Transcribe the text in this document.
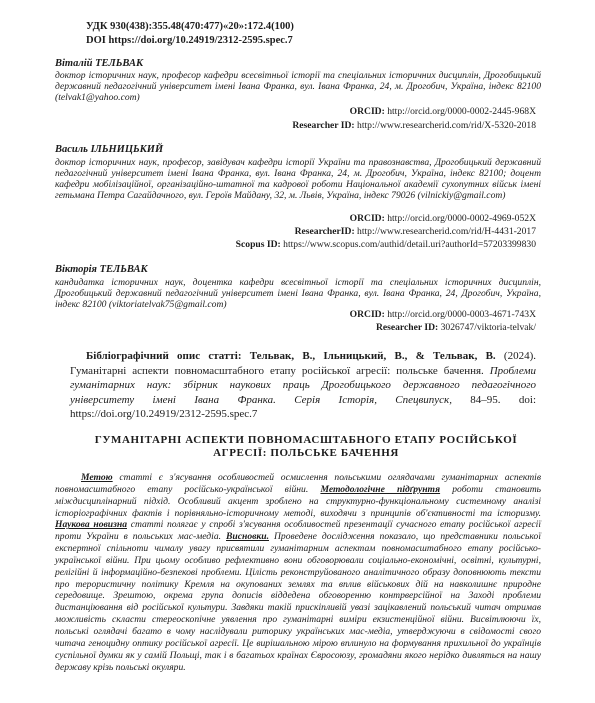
УДК 930(438):355.48(470:477)«20»:172.4(100)
DOI https://doi.org/10.24919/2312-2595.spec.7
Віталій ТЕЛЬВАК
доктор історичних наук, професор кафедри всесвітньої історії та спеціальних історичних дисциплін, Дрогобицький державний педагогічний університет імені Івана Франка, вул. Івана Франка, 24, м. Дрогобич, Україна, індекс 82100 (telvak1@yahoo.com)
ORCID: http://orcid.org/0000-0002-2445-968X
Researcher ID: http://www.researcherid.com/rid/X-5320-2018
Василь ІЛЬНИЦЬКИЙ
доктор історичних наук, професор, завідувач кафедри історії України та правознавства, Дрогобицький державний педагогічний університет імені Івана Франка, вул. Івана Франка, 24, м. Дрогобич, Україна, індекс 82100; доцент кафедри мобілізаційної, організаційно-штатної та кадрової роботи Національної академії сухопутних військ імені гетьмана Петра Сагайдачного, вул. Героїв Майдану, 32, м. Львів, Україна, індекс 79026 (vilnickiy@gmail.com)
ORCID: http://orcid.org/0000-0002-4969-052X
ResearcherID: http://www.researcherid.com/rid/H-4431-2017
Scopus ID: https://www.scopus.com/authid/detail.uri?authorId=57203399830
Вікторія ТЕЛЬВАК
кандидатка історичних наук, доцентка кафедри всесвітньої історії та спеціальних історичних дисциплін, Дрогобицький державний педагогічний університет імені Івана Франка, вул. Івана Франка, 24, Дрогобич, Україна, індекс 82100 (viktoriatelvak75@gmail.com)
ORCID: http://orcid.org/0000-0003-4671-743X
Researcher ID: 3026747/viktoria-telvak/
Бібліографічний опис статті: Тельвак, В., Ільницький, В., & Тельвак, В. (2024). Гуманітарні аспекти повномасштабного етапу російської агресії: польське бачення. Проблеми гуманітарних наук: збірник наукових праць Дрогобицького державного педагогічного університету імені Івана Франка. Серія Історія, Спецвипуск, 84–95. doi: https://doi.org/10.24919/2312-2595.spec.7
ГУМАНІТАРНІ АСПЕКТИ ПОВНОМАСШТАБНОГО ЕТАПУ РОСІЙСЬКОЇ АГРЕСІЇ: ПОЛЬСЬКЕ БАЧЕННЯ
Метою статті є з'ясування особливостей осмислення польськими оглядачами гуманітарних аспектів повномасштабного етапу російсько-української війни. Методологічне підґрунтя роботи становить міждисциплінарний підхід. Особливий акцент зроблено на структурно-функціональному системному аналізі історіографічних фактів і порівняльно-історичному методі, виходячи з принципів об'єктивності та історизму. Наукова новизна статті полягає у спробі з'ясування особливостей презентації сучасного етапу російської агресії проти України в польських мас-медіа. Висновки. Проведене дослідження показало, що представники польської експертної спільноти чималу увагу присвятили гуманітарним аспектам повномасштабного етапу російсько-української війни. При цьому особливо рефлективно вони обговорювали соціально-економічні, освітні, культурні, релігійні й інформаційно-безпекові проблеми. Цілість реконструйованого аналітичного образу доповнюють тексти про терористичну політику Кремля на окупованих землях та вплив військових дій на навколишнє природне середовище. Зрештою, окрема група дописів віддедена обговоренню контрверсійної на Заході проблеми дистанціювання від російської культури. Завдяки такій прискіпливій увазі зацікавлений польський читач отримав можливість скласти стереоскопічне уявлення про гуманітарні виміри екзистенційної війни. Висвітлюючи їх, польські оглядачі багато в чому наслідували риторику українських мас-медіа, утверджуючи в свідомості свого читача геноцидну оптику російської агресії. Це вирішальною мірою вплинуло на формування прихильної до українців суспільної думки як у самій Польщі, так і в багатьох країнах Євросоюзу, громадяни якого нерідко дивляться на нашу державу крізь польські окуляри.
